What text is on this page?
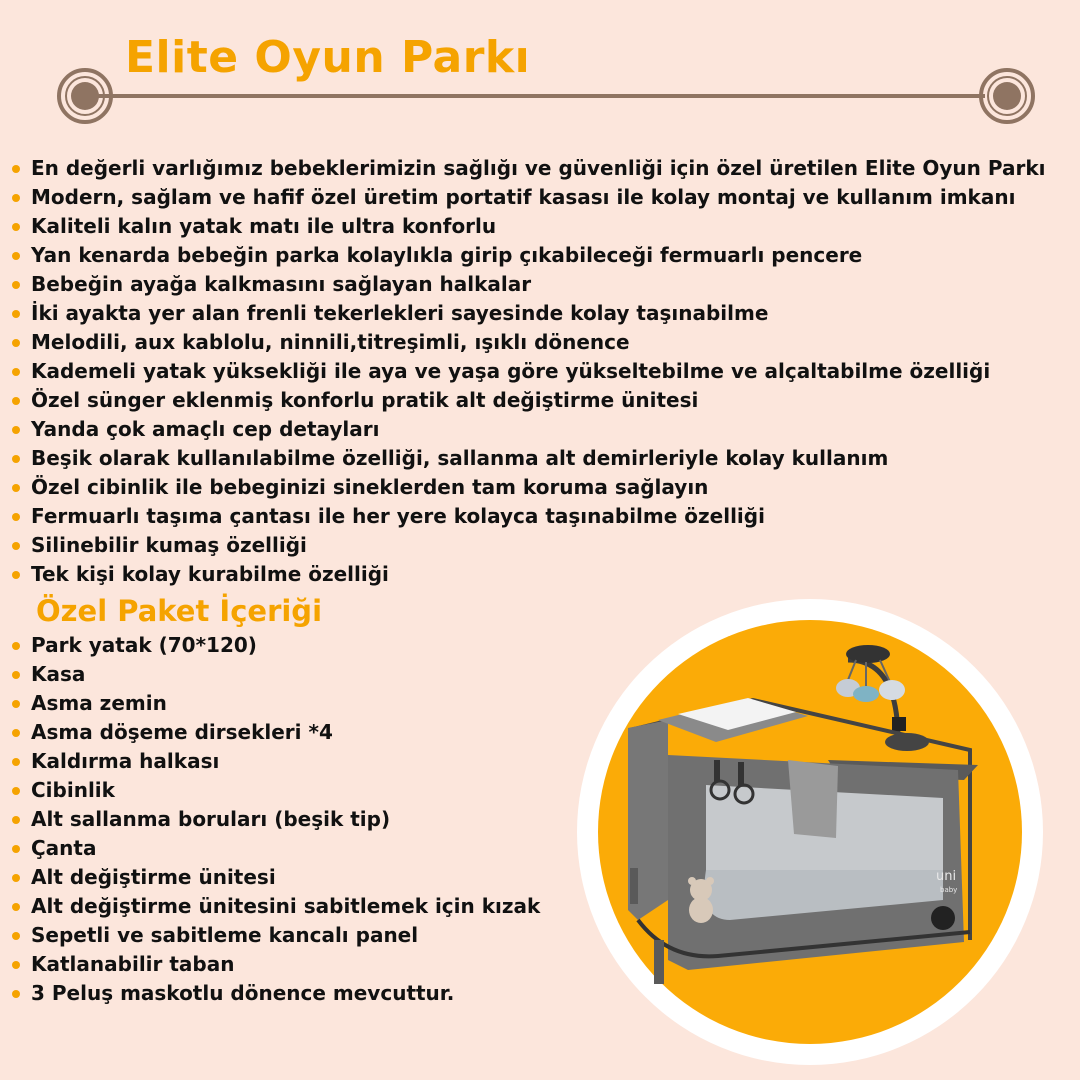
Elite Oyun Parkı
En değerli varlığımız bebeklerimizin sağlığı ve güvenliği için özel üretilen Elite Oyun Parkı
Modern, sağlam ve hafif özel üretim portatif kasası ile kolay montaj ve kullanım imkanı
Kaliteli kalın yatak matı ile ultra konforlu
Yan kenarda bebeğin parka kolaylıkla girip çıkabileceği fermuarlı pencere
Bebeğin ayağa kalkmasını sağlayan halkalar
İki ayakta yer alan frenli tekerlekleri sayesinde kolay taşınabilme
Melodili, aux kablolu, ninnili,titreşimli, ışıklı dönence
Kademeli yatak yüksekliği ile aya ve yaşa göre yükseltebilme ve alçaltabilme özelliği
Özel sünger eklenmiş konforlu pratik alt değiştirme ünitesi
Yanda çok amaçlı cep detayları
Beşik olarak kullanılabilme özelliği, sallanma alt demirleriyle kolay kullanım
Özel cibinlik ile bebeginizi sineklerden tam koruma sağlayın
Fermuarlı taşıma çantası ile her yere kolayca taşınabilme özelliği
Silinebilir kumaş özelliği
Tek kişi kolay kurabilme özelliği
Özel Paket İçeriği
Park yatak (70*120)
Kasa
Asma zemin
Asma döşeme dirsekleri *4
Kaldırma halkası
Cibinlik
Alt sallanma boruları (beşik tip)
Çanta
Alt değiştirme ünitesi
Alt değiştirme ünitesini sabitlemek için kızak
Sepetli ve sabitleme kancalı panel
Katlanabilir taban
3 Peluş maskotlu dönence mevcuttur.
uni
baby
